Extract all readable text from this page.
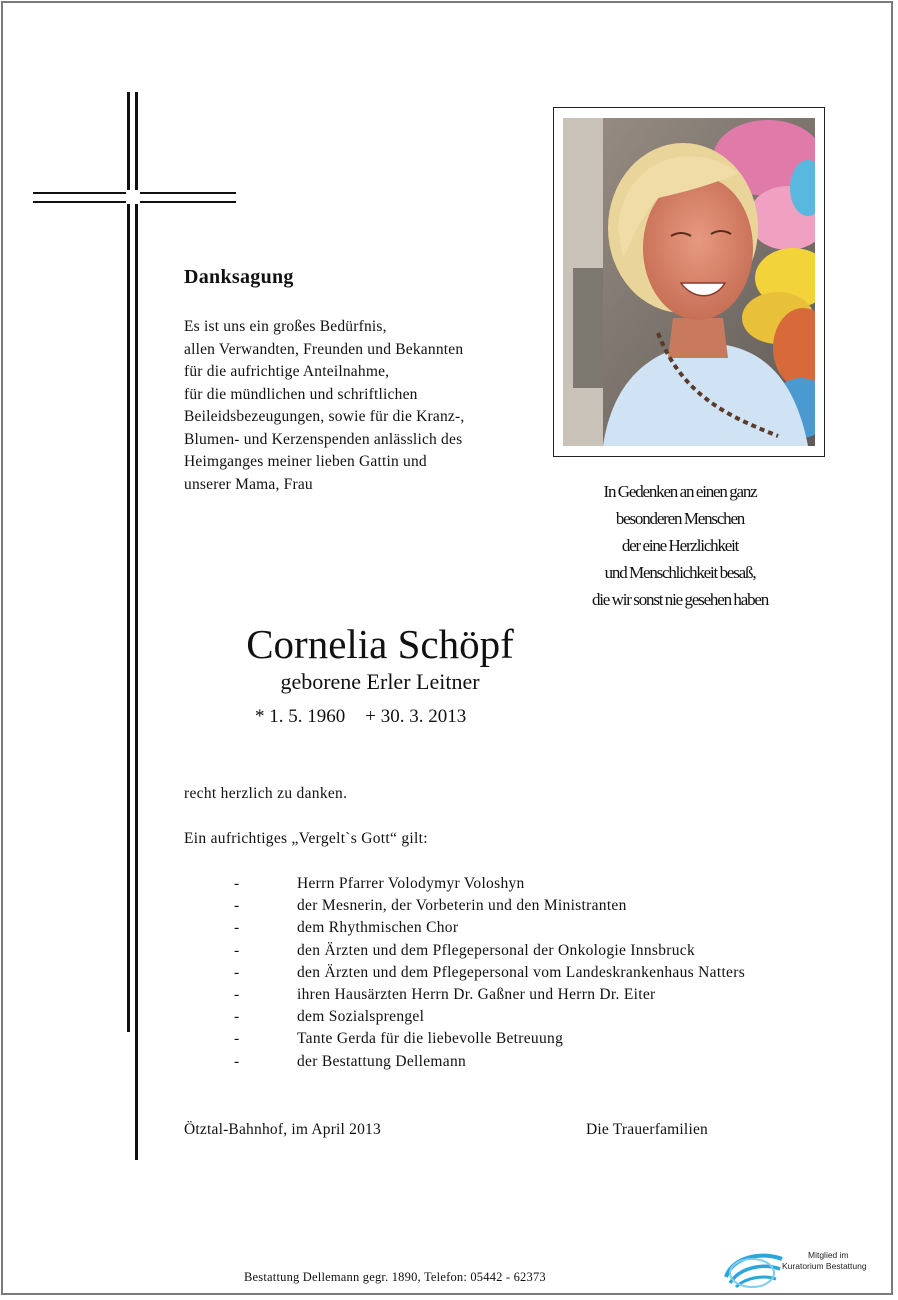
Danksagung
Es ist uns ein großes Bedürfnis,
allen Verwandten, Freunden und Bekannten
für die aufrichtige Anteilnahme,
für die mündlichen und schriftlichen
Beileidsbezeugungen, sowie für die Kranz-,
Blumen- und Kerzenspenden anlässlich des
Heimganges meiner lieben Gattin und
unserer Mama, Frau	In Gedenken an einen ganz
besonderen Menschen
der eine Herzlichkeit
und Menschlichkeit besaß,
die wir sonst nie gesehen haben
Cornelia Schöpf
geborene Erler Leitner
* 1. 5. 1960 + 30. 3. 2013
recht herzlich zu danken.
Ein aufrichtiges „Vergelt`s Gott“ gilt:
-	Herrn Pfarrer Volodymyr Voloshyn
-	der Mesnerin, der Vorbeterin und den Ministranten
-	dem Rhythmischen Chor
-	den Ärzten und dem Pflegepersonal der Onkologie Innsbruck
-	den Ärzten und dem Pflegepersonal vom Landeskrankenhaus Natters
-	ihren Hausärzten Herrn Dr. Gaßner und Herrn Dr. Eiter
-	dem Sozialsprengel
-	Tante Gerda für die liebevolle Betreuung
-	der Bestattung Dellemann
Ötztal-Bahnhof, im April 2013	Die Trauerfamilien
Bestattung Dellemann gegr. 1890, Telefon: 05442 - 62373
Mitglied im
Kuratorium Bestattung
